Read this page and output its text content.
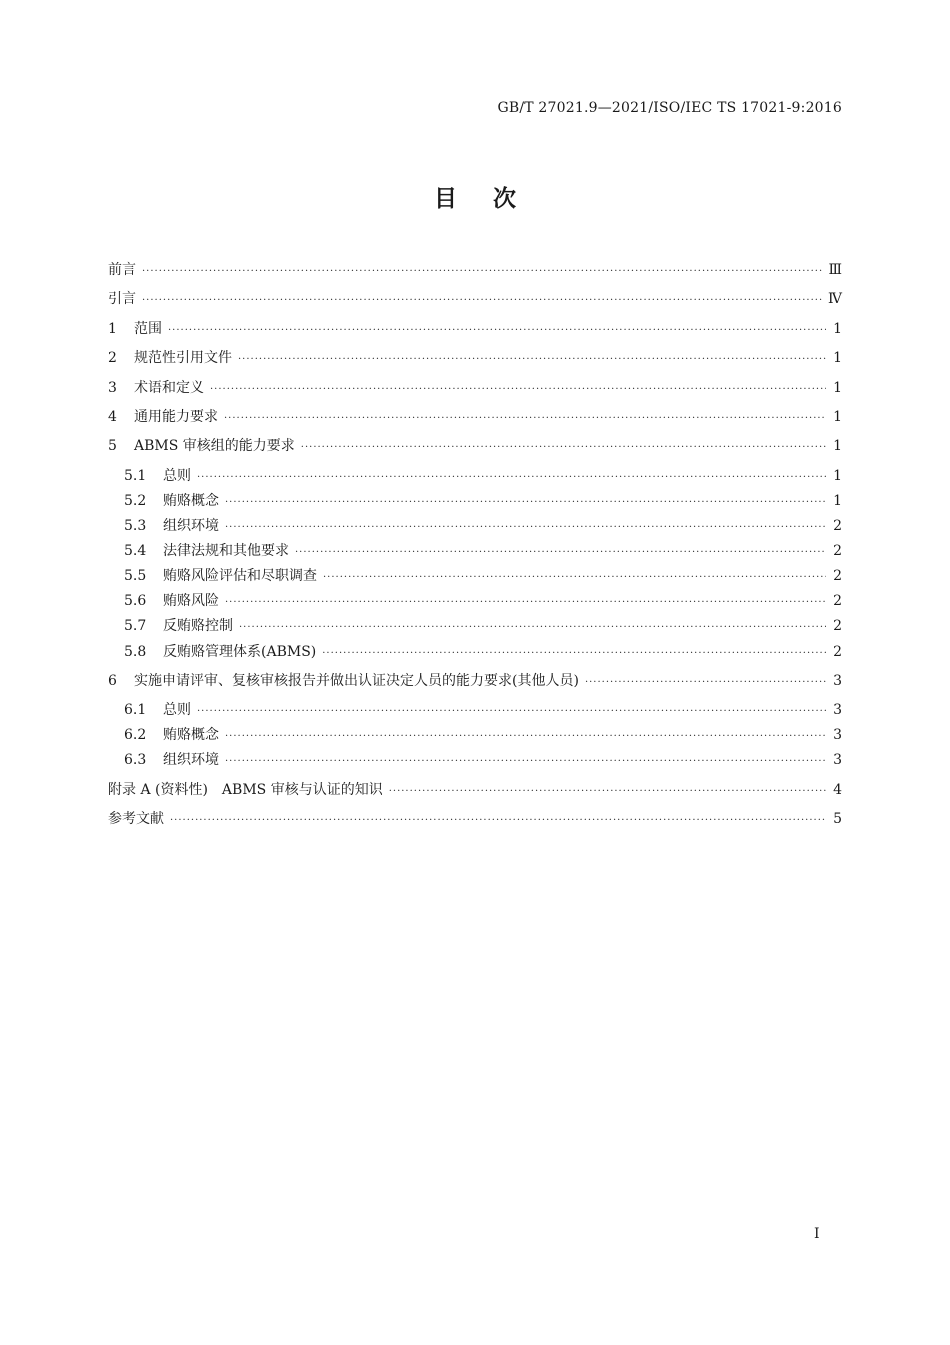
GB/T 27021.9—2021/ISO/IEC TS 17021-9:2016
目次
前言 ·····	Ⅲ
引言 ·····	Ⅳ
1	范围 ·····	1
2	规范性引用文件 ·····	1
3	术语和定义 ·····	1
4	通用能力要求 ·····	1
5	ABMS 审核组的能力要求 ·····	1
5.1	总则 ·····	1
5.2	贿赂概念 ·····	1
5.3	组织环境 ·····	2
5.4	法律法规和其他要求 ·····	2
5.5	贿赂风险评估和尽职调查 ·····	2
5.6	贿赂风险 ·····	2
5.7	反贿赂控制 ·····	2
5.8	反贿赂管理体系(ABMS) ·····	2
6	实施申请评审、复核审核报告并做出认证决定人员的能力要求(其他人员) ·····	3
6.1	总则 ·····	3
6.2	贿赂概念 ·····	3
6.3	组织环境 ·····	3
附录 A (资料性)　ABMS 审核与认证的知识 ·····	4
参考文献 ·····	5
I
